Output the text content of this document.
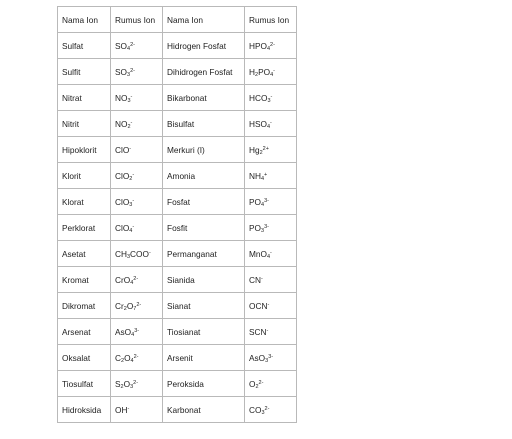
Nama Ion	Rumus Ion	Nama Ion	Rumus Ion
Sulfat	$SO_4^{2-}$	Hidrogen Fosfat	$HPO_4^{2-}$
Sulfit	$SO_3^{2-}$	Dihidrogen Fosfat	$H_2PO_4^-$
Nitrat	$NO_3^-$	Bikarbonat	$HCO_3^-$
Nitrit	$NO_2^-$	Bisulfat	$HSO_4^-$
Hipoklorit	ClO-	Merkuri (I)	$Hg_2^{2+}$
Klorit	ClO$_2$-	Amonia	$NH_4^+$
Klorat	ClO$_3$-	Fosfat	$PO_4^{3-}$
Perklorat	ClO$_4$-	Fosfit	$PO_3^{3-}$
Asetat	$CH_3COO^-$	Permanganat	MnO$_4$-
Kromat	CrO$_4^{2-}$	Sianida	CN-
Dikromat	$Cr_2O_7^{2-}$	Sianat	OCN-
Arsenat	AsO$_4^{3-}$	Tiosianat	SCN-
Oksalat	$C_2O_4^{2-}$	Arsenit	AsO$_3^{3-}$
Tiosulfat	$S_2O_3^{2-}$	Peroksida	$O_2^{2-}$
Hidroksida	OH-	Karbonat	$CO_3^{2-}$
